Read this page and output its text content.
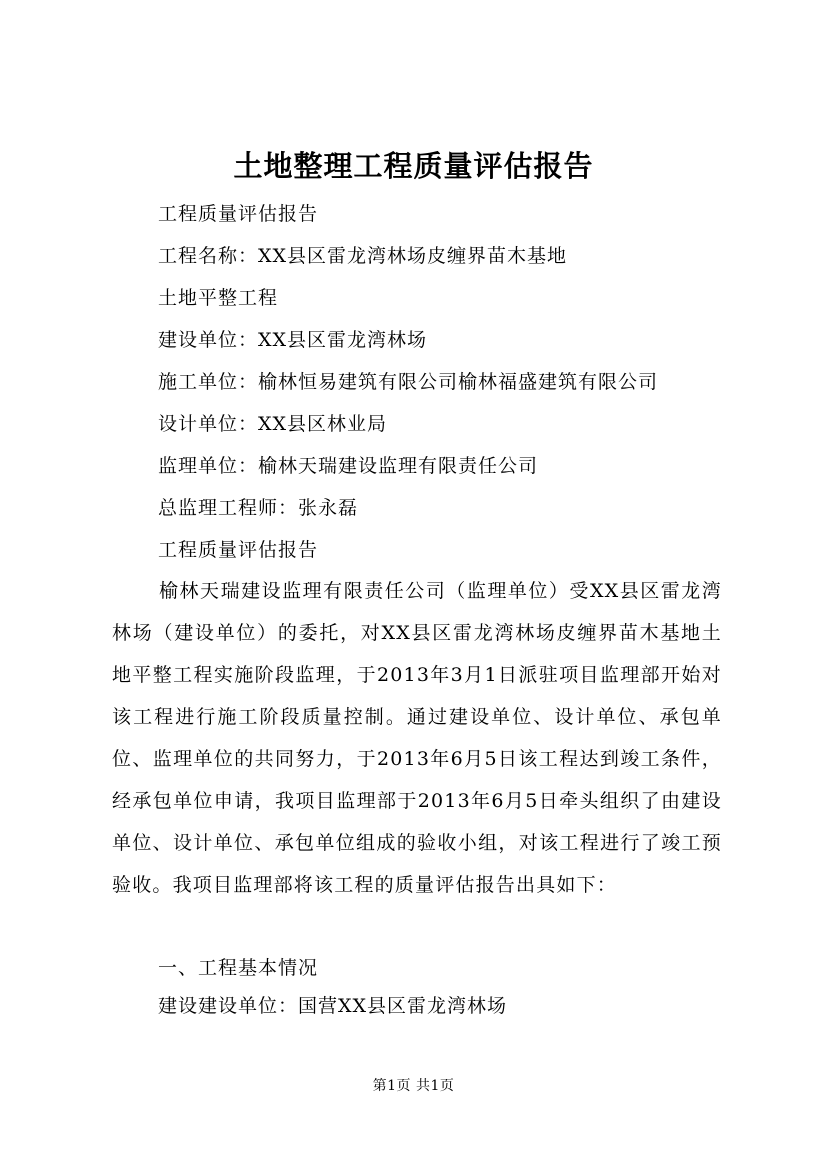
土地整理工程质量评估报告
工程质量评估报告
工程名称：XX县区雷龙湾林场皮缠界苗木基地
土地平整工程
建设单位：XX县区雷龙湾林场
施工单位：榆林恒易建筑有限公司榆林福盛建筑有限公司
设计单位：XX县区林业局
监理单位：榆林天瑞建设监理有限责任公司
总监理工程师：张永磊
工程质量评估报告

榆林天瑞建设监理有限责任公司（监理单位）受XX县区雷龙湾林场（建设单位）的委托，对XX县区雷龙湾林场皮缠界苗木基地土地平整工程实施阶段监理，于2013年3月1日派驻项目监理部开始对该工程进行施工阶段质量控制。通过建设单位、设计单位、承包单位、监理单位的共同努力，于2013年6月5日该工程达到竣工条件，经承包单位申请，我项目监理部于2013年6月5日牵头组织了由建设单位、设计单位、承包单位组成的验收小组，对该工程进行了竣工预验收。我项目监理部将该工程的质量评估报告出具如下：

一、工程基本情况
建设建设单位：国营XX县区雷龙湾林场
第1页 共1页
